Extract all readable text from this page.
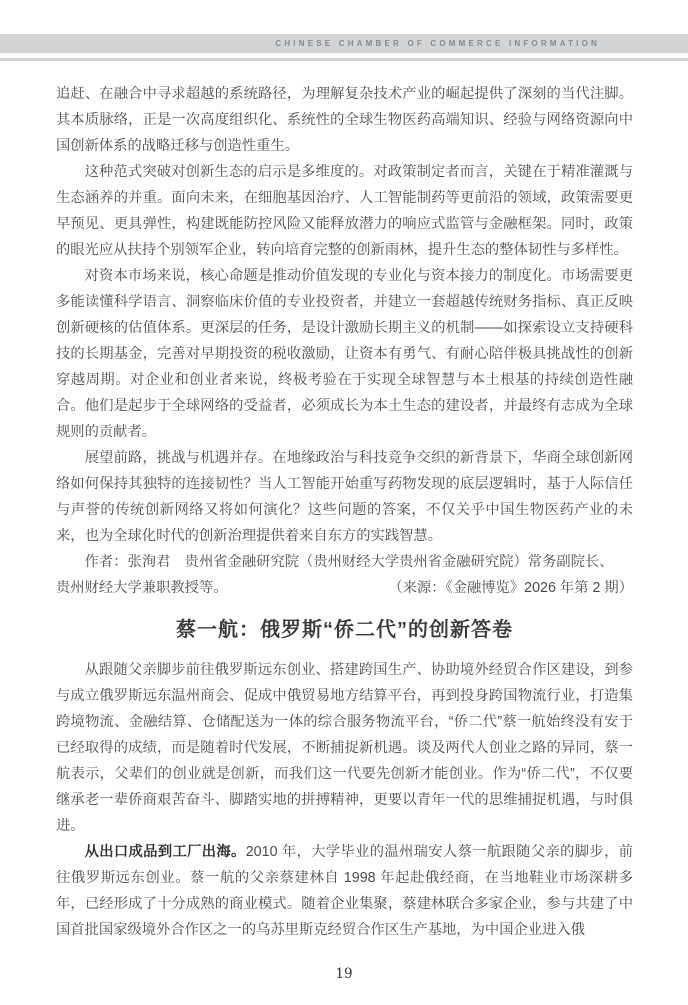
CHINESE CHAMBER OF COMMERCE INFORMATION

追赶、在融合中寻求超越的系统路径，为理解复杂技术产业的崛起提供了深刻的当代注脚。其本质脉络，正是一次高度组织化、系统性的全球生物医药高端知识、经验与网络资源向中国创新体系的战略迁移与创造性重生。

这种范式突破对创新生态的启示是多维度的。对政策制定者而言，关键在于精准灌溉与生态涵养的并重。面向未来，在细胞基因治疗、人工智能制药等更前沿的领域，政策需要更早预见、更具弹性，构建既能防控风险又能释放潜力的响应式监管与金融框架。同时，政策的眼光应从扶持个别领军企业，转向培育完整的创新雨林，提升生态的整体韧性与多样性。

对资本市场来说，核心命题是推动价值发现的专业化与资本接力的制度化。市场需要更多能读懂科学语言、洞察临床价值的专业投资者，并建立一套超越传统财务指标、真正反映创新硬核的估值体系。更深层的任务，是设计激励长期主义的机制——如探索设立支持硬科技的长期基金，完善对早期投资的税收激励，让资本有勇气、有耐心陪伴极具挑战性的创新穿越周期。对企业和创业者来说，终极考验在于实现全球智慧与本土根基的持续创造性融合。他们是起步于全球网络的受益者，必须成长为本土生态的建设者，并最终有志成为全球规则的贡献者。

展望前路，挑战与机遇并存。在地缘政治与科技竞争交织的新背景下，华商全球创新网络如何保持其独特的连接韧性？当人工智能开始重写药物发现的底层逻辑时，基于人际信任与声誉的传统创新网络又将如何演化？这些问题的答案，不仅关乎中国生物医药产业的未来，也为全球化时代的创新治理提供着来自东方的实践智慧。

作者：张洵君　贵州省金融研究院（贵州财经大学贵州省金融研究院）常务副院长、

贵州财经大学兼职教授等。	（来源：《金融博览》2026 年第 2 期）
蔡一航：俄罗斯“侨二代”的创新答卷

从跟随父亲脚步前往俄罗斯远东创业、搭建跨国生产、协助境外经贸合作区建设，到参与成立俄罗斯远东温州商会、促成中俄贸易地方结算平台，再到投身跨国物流行业，打造集跨境物流、金融结算、仓储配送为一体的综合服务物流平台，“侨二代”蔡一航始终没有安于已经取得的成绩，而是随着时代发展，不断捕捉新机遇。谈及两代人创业之路的异同，蔡一航表示，父辈们的创业就是创新，而我们这一代要先创新才能创业。作为“侨二代”，不仅要继承老一辈侨商艰苦奋斗、脚踏实地的拼搏精神，更要以青年一代的思维捕捉机遇，与时俱进。

从出口成品到工厂出海。2010 年，大学毕业的温州瑞安人蔡一航跟随父亲的脚步，前往俄罗斯远东创业。蔡一航的父亲蔡建林自 1998 年起赴俄经商，在当地鞋业市场深耕多年，已经形成了十分成熟的商业模式。随着企业集聚，蔡建林联合多家企业，参与共建了中国首批国家级境外合作区之一的乌苏里斯克经贸合作区生产基地，为中国企业进入俄

19
